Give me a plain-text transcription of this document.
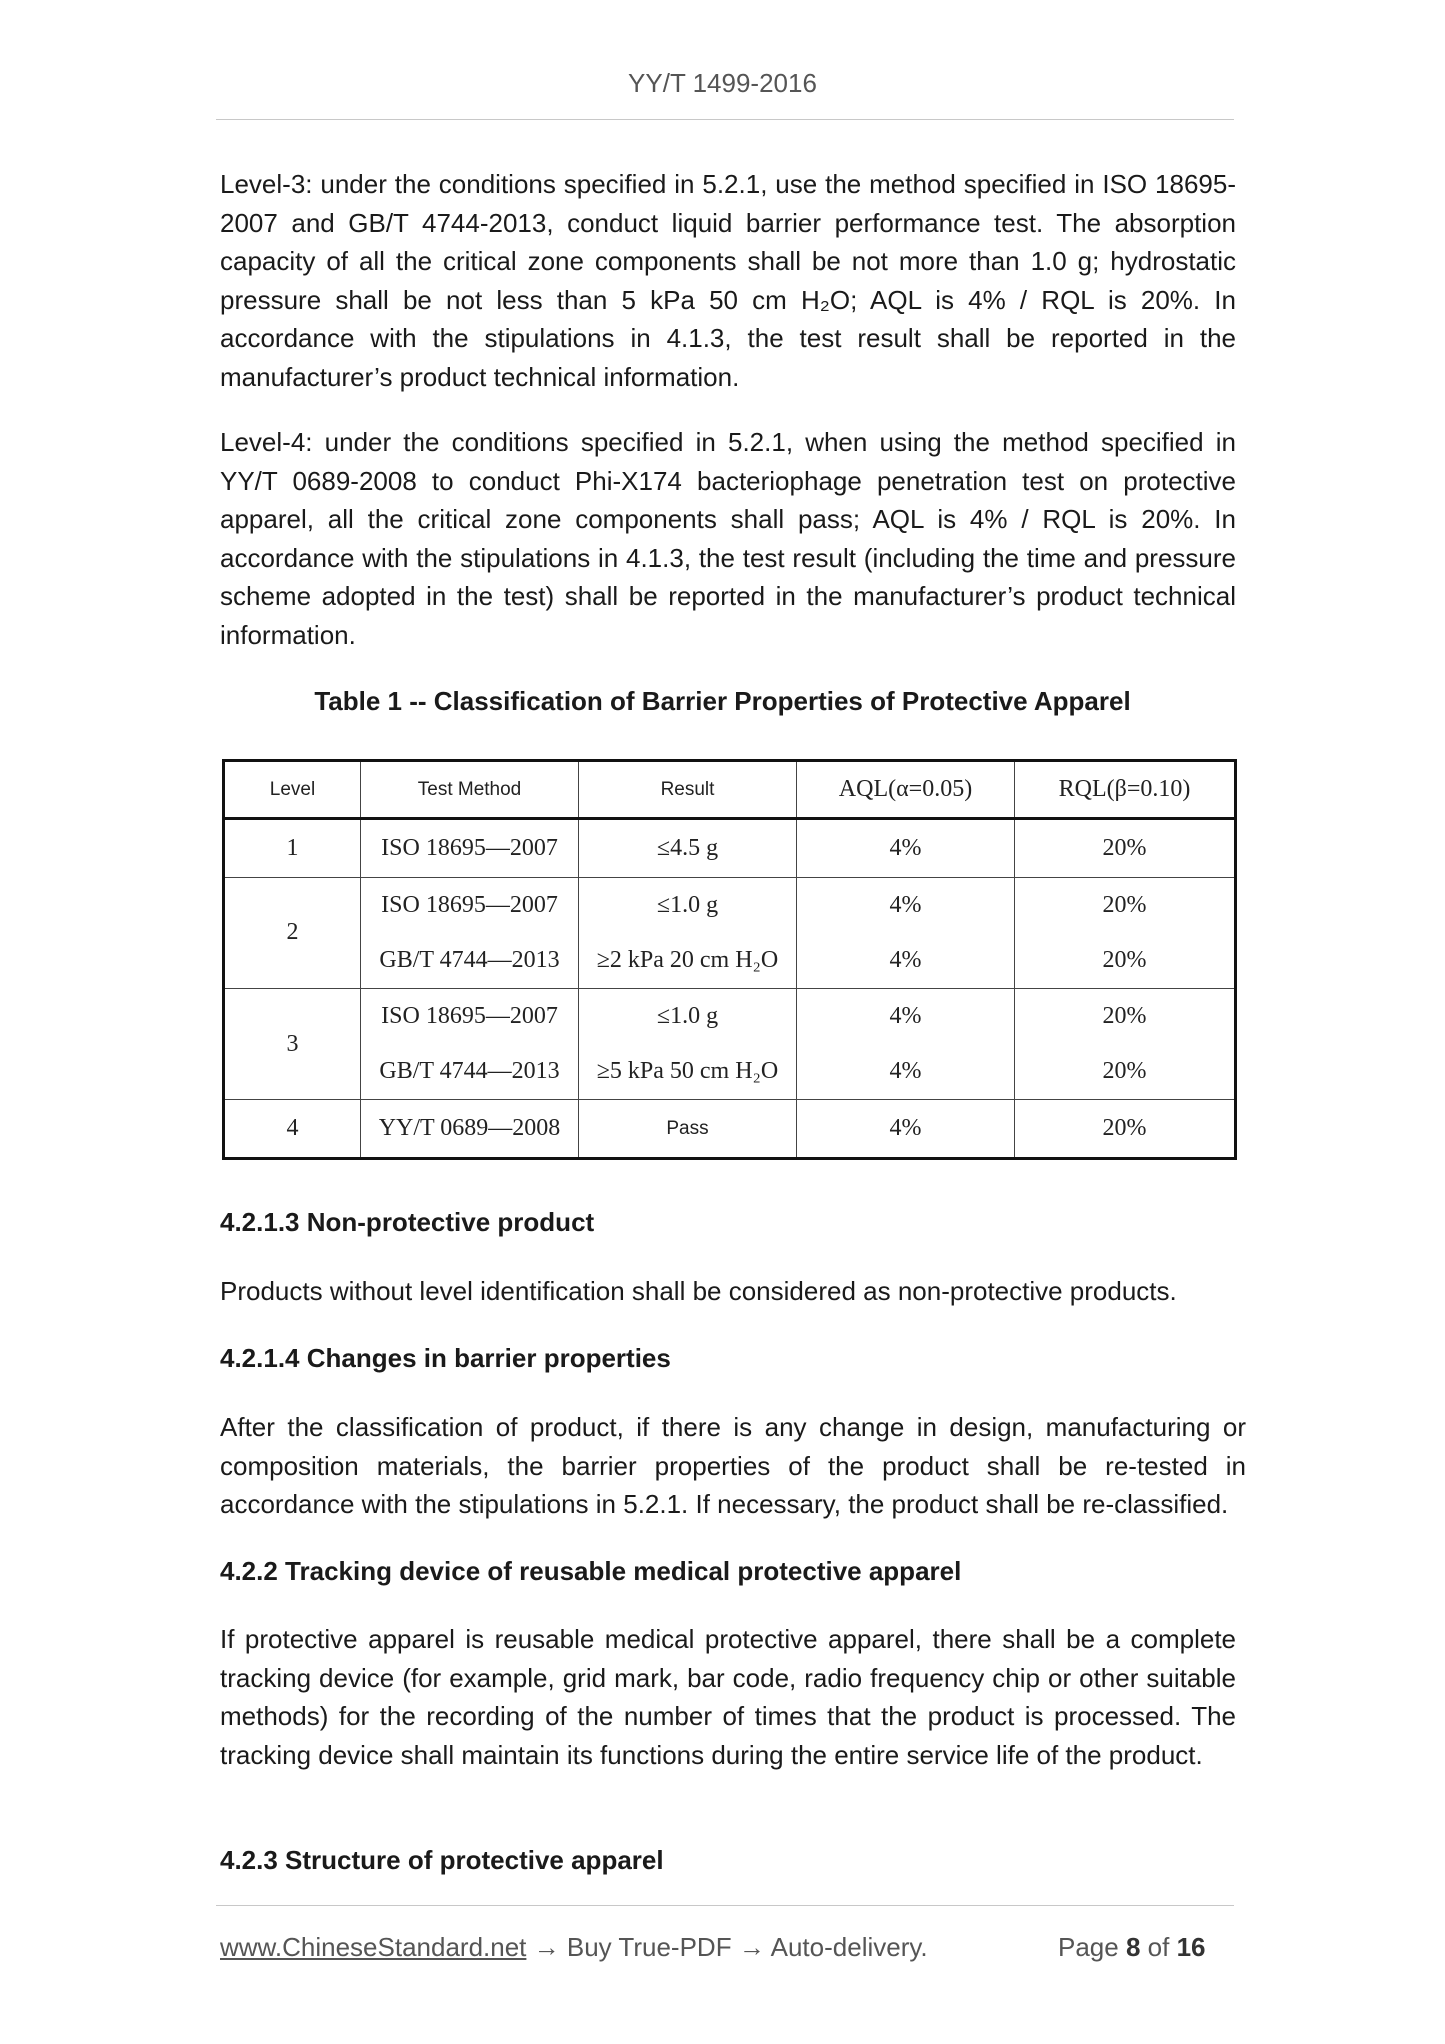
YY/T 1499-2016

Level-3: under the conditions specified in 5.2.1, use the method specified in ISO 18695-2007 and GB/T 4744-2013, conduct liquid barrier performance test. The absorption capacity of all the critical zone components shall be not more than 1.0 g; hydrostatic pressure shall be not less than 5 kPa 50 cm H₂O; AQL is 4% / RQL is 20%. In accordance with the stipulations in 4.1.3, the test result shall be reported in the manufacturer’s product technical information.

Level-4: under the conditions specified in 5.2.1, when using the method specified in YY/T 0689-2008 to conduct Phi-X174 bacteriophage penetration test on protective apparel, all the critical zone components shall pass; AQL is 4% / RQL is 20%. In accordance with the stipulations in 4.1.3, the test result (including the time and pressure scheme adopted in the test) shall be reported in the manufacturer’s product technical information.

Table 1 -- Classification of Barrier Properties of Protective Apparel
Level	Test Method	Result	AQL(α=0.05)	RQL(β=0.10)
1	ISO 18695—2007	≤4.5 g	4%	20%
2	ISO 18695—2007	≤1.0 g	4%	20%
	GB/T 4744—2013	≥2 kPa 20 cm H₂O	4%	20%
3	ISO 18695—2007	≤1.0 g	4%	20%
	GB/T 4744—2013	≥5 kPa 50 cm H₂O	4%	20%
4	YY/T 0689—2008	Pass	4%	20%

4.2.1.3 Non-protective product

Products without level identification shall be considered as non-protective products.

4.2.1.4 Changes in barrier properties

After the classification of product, if there is any change in design, manufacturing or composition materials, the barrier properties of the product shall be re-tested in accordance with the stipulations in 5.2.1. If necessary, the product shall be re-classified.

4.2.2 Tracking device of reusable medical protective apparel

If protective apparel is reusable medical protective apparel, there shall be a complete tracking device (for example, grid mark, bar code, radio frequency chip or other suitable methods) for the recording of the number of times that the product is processed. The tracking device shall maintain its functions during the entire service life of the product.

4.2.3 Structure of protective apparel

www.ChineseStandard.net → Buy True-PDF → Auto-delivery.	Page 8 of 16
